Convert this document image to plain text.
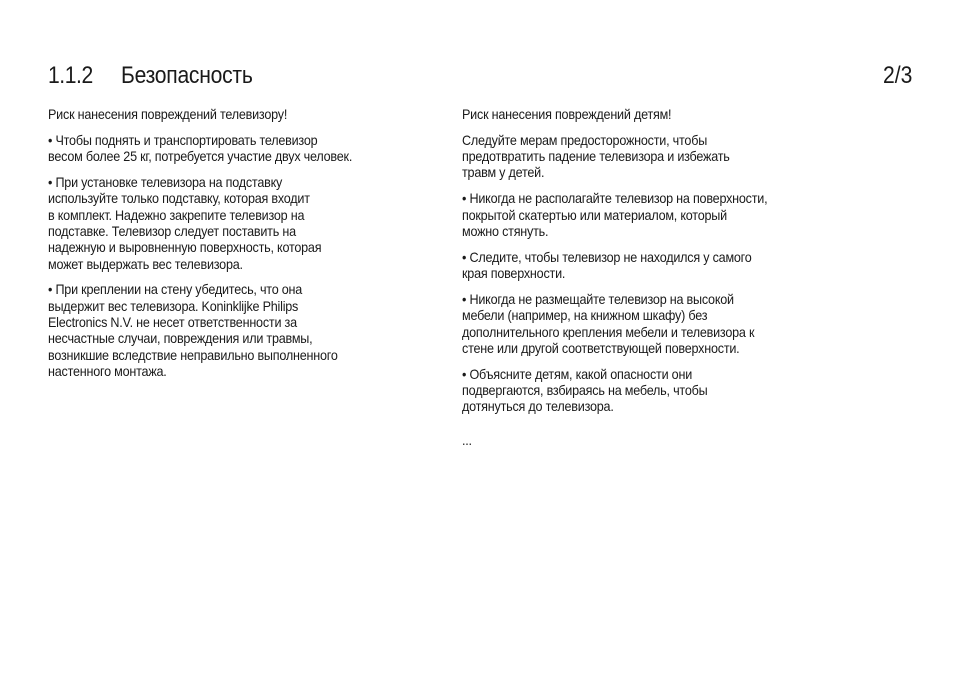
1.1.2 Безопасность	2/3

Риск нанесения повреждений телевизору!

• Чтобы поднять и транспортировать телевизор
весом более 25 кг, потребуется участие двух человек.

• При установке телевизора на подставку
используйте только подставку, которая входит
в комплект. Надежно закрепите телевизор на
подставке. Телевизор следует поставить на
надежную и выровненную поверхность, которая
может выдержать вес телевизора.

• При креплении на стену убедитесь, что она
выдержит вес телевизора. Koninklijke Philips
Electronics N.V. не несет ответственности за
несчастные случаи, повреждения или травмы,
возникшие вследствие неправильно выполненного
настенного монтажа.

Риск нанесения повреждений детям!

Следуйте мерам предосторожности, чтобы
предотвратить падение телевизора и избежать
травм у детей.

• Никогда не располагайте телевизор на поверхности,
покрытой скатертью или материалом, который
можно стянуть.

• Следите, чтобы телевизор не находился у самого
края поверхности.

• Никогда не размещайте телевизор на высокой
мебели (например, на книжном шкафу) без
дополнительного крепления мебели и телевизора к
стене или другой соответствующей поверхности.

• Объясните детям, какой опасности они
подвергаются, взбираясь на мебель, чтобы
дотянуться до телевизора.

...
